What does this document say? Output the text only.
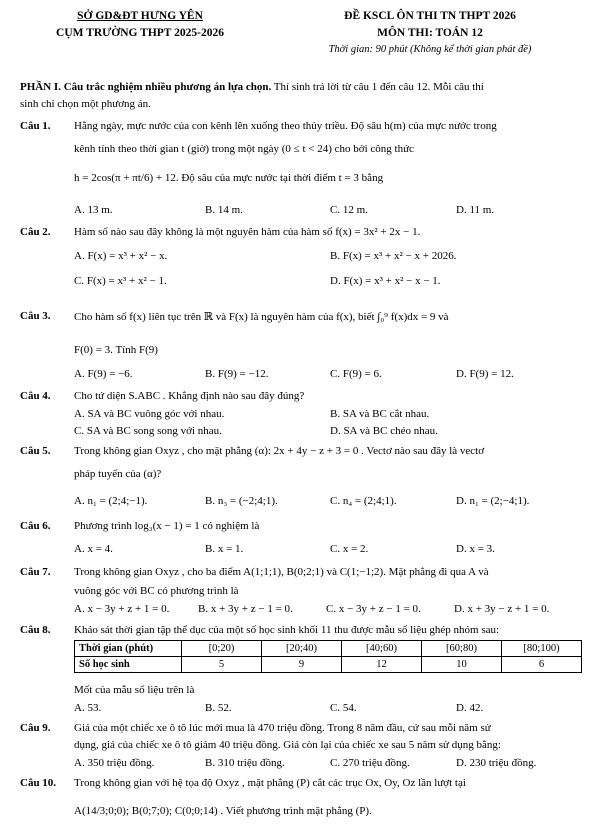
SỞ GD&ĐT HƯNG YÊN
CỤM TRƯỜNG THPT 2025-2026
ĐỀ KSCL ÔN THI TN THPT 2026
MÔN THI: TOÁN 12
Thời gian: 90 phút (Không kể thời gian phát đề)
PHẦN I. Câu trắc nghiệm nhiều phương án lựa chọn. Thí sinh trả lời từ câu 1 đến câu 12. Mỗi câu thí
sinh chỉ chọn một phương án.
Câu 1. Hằng ngày, mực nước của con kênh lên xuống theo thủy triều. Độ sâu h(m) của mực nước trong
kênh tính theo thời gian t (giờ) trong một ngày (0 ≤ t < 24) cho bởi công thức
h = 2cos(π + πt/6) + 12. Độ sâu của mực nước tại thời điểm t = 3 bằng
A. 13 m.	B. 14 m.	C. 12 m.	D. 11 m.
Câu 2. Hàm số nào sau đây không là một nguyên hàm của hàm số f(x) = 3x² + 2x − 1.
A. F(x) = x³ + x² − x.	B. F(x) = x³ + x² − x + 2026.
C. F(x) = x³ + x² − 1.	D. F(x) = x³ + x² − x − 1.
Câu 3. Cho hàm số f(x) liên tục trên ℝ và F(x) là nguyên hàm của f(x), biết ∫₀⁹ f(x)dx = 9 và
F(0) = 3. Tính F(9)
A. F(9) = −6.	B. F(9) = −12.	C. F(9) = 6.	D. F(9) = 12.
Câu 4. Cho tứ diện S.ABC . Khẳng định nào sau đây đúng?
A. SA và BC vuông góc với nhau.	B. SA và BC cắt nhau.
C. SA và BC song song với nhau.	D. SA và BC chéo nhau.
Câu 5. Trong không gian Oxyz , cho mặt phẳng (α): 2x + 4y − z + 3 = 0 . Vectơ nào sau đây là vectơ
pháp tuyến của (α)?
A. n₁ = (2;4;−1).	B. n₃ = (−2;4;1).	C. n₄ = (2;4;1).	D. n₁ = (2;−4;1).
Câu 6. Phương trình log₃(x − 1) = 1 có nghiệm là
A. x = 4.	B. x = 1.	C. x = 2.	D. x = 3.
Câu 7. Trong không gian Oxyz , cho ba điểm A(1;1;1), B(0;2;1) và C(1;−1;2). Mặt phẳng đi qua A và
vuông góc với BC có phương trình là
A. x − 3y + z + 1 = 0.	B. x + 3y + z − 1 = 0.	C. x − 3y + z − 1 = 0.	D. x + 3y − z + 1 = 0.
Câu 8. Khảo sát thời gian tập thể dục của một số học sinh khối 11 thu được mẫu số liệu ghép nhóm sau:
Thời gian (phút)	[0;20)	[20;40)	[40;60)	[60;80)	[80;100)
Số học sinh	5	9	12	10	6
Mốt của mẫu số liệu trên là
A. 53.	B. 52.	C. 54.	D. 42.
Câu 9. Giá của một chiếc xe ô tô lúc mới mua là 470 triệu đồng. Trong 8 năm đầu, cứ sau mỗi năm sử
dụng, giá của chiếc xe ô tô giảm 40 triệu đồng. Giá còn lại của chiếc xe sau 5 năm sử dụng bằng:
A. 350 triệu đồng.	B. 310 triệu đồng.	C. 270 triệu đồng.	D. 230 triệu đồng.
Câu 10. Trong không gian với hệ tọa độ Oxyz , mặt phẳng (P) cắt các trục Ox, Oy, Oz lần lượt tại
A(14/3;0;0); B(0;7;0); C(0;0;14) . Viết phương trình mặt phẳng (P).
